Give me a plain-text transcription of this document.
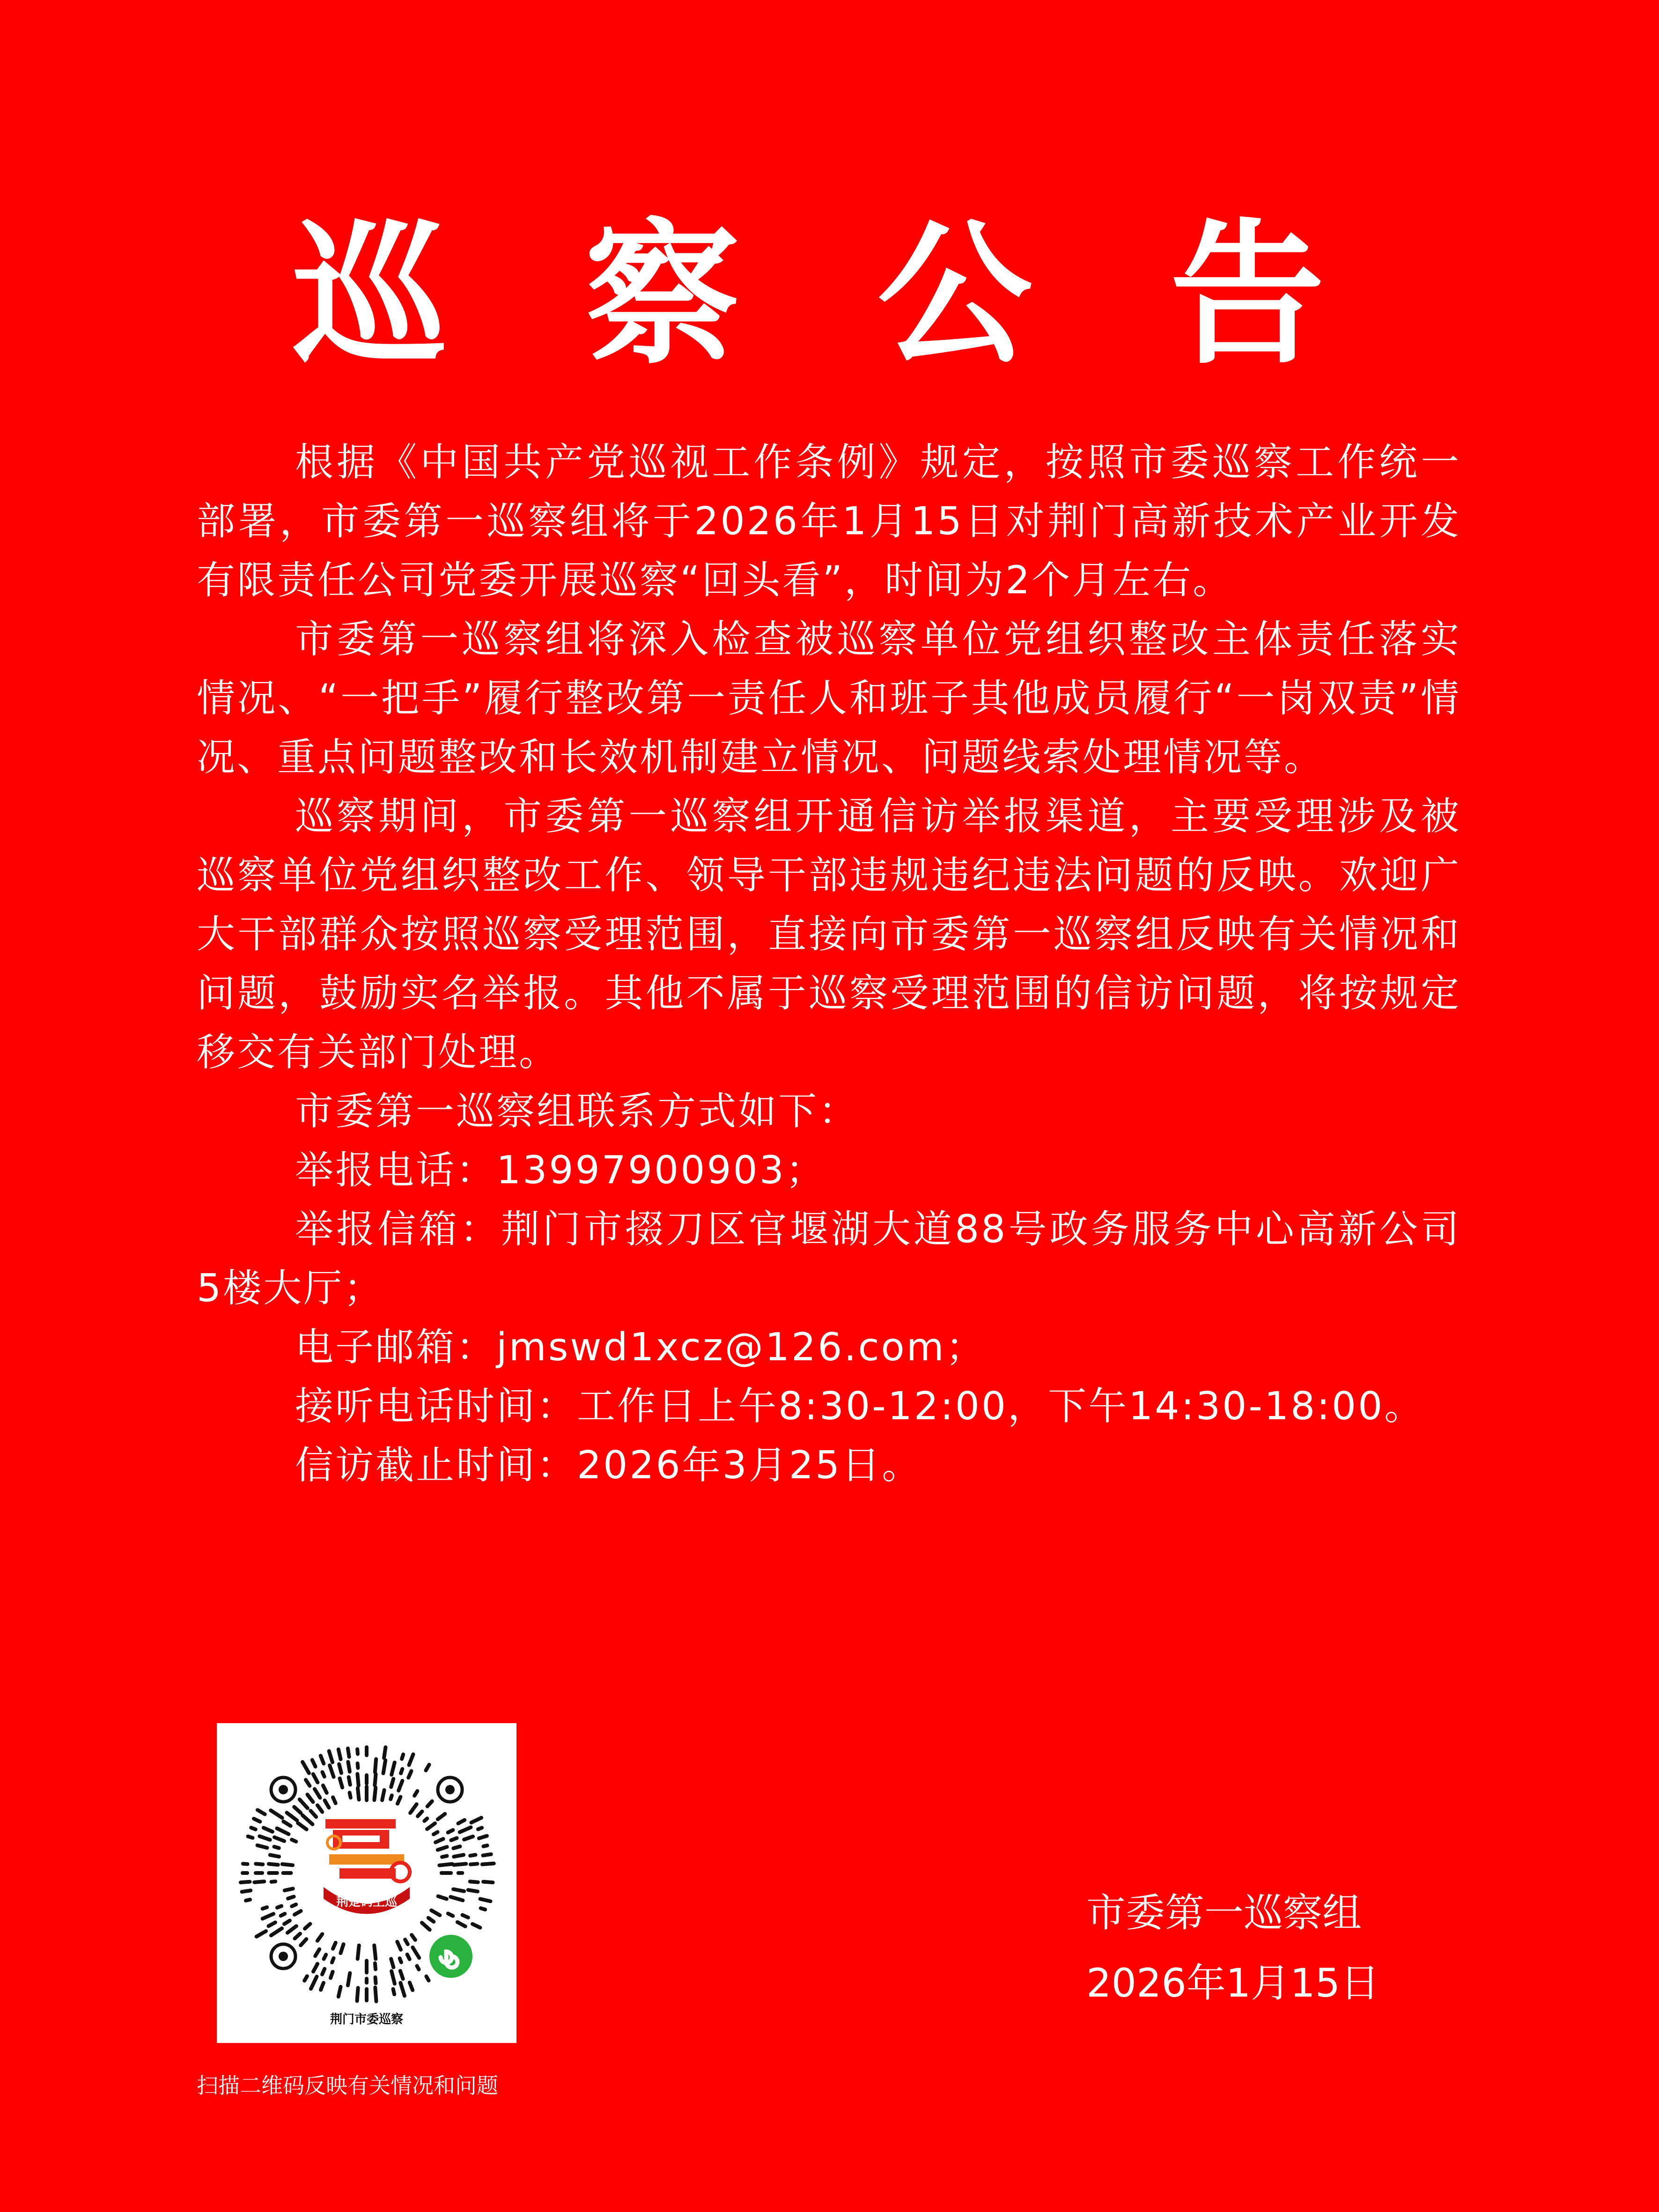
巡 察 公 告

根据《中国共产党巡视工作条例》规定，按照市委巡察工作统一部署，市委第一巡察组将于2026年1月15日对荆门高新技术产业开发有限责任公司党委开展巡察“回头看”，时间为2个月左右。

市委第一巡察组将深入检查被巡察单位党组织整改主体责任落实情况、“一把手”履行整改第一责任人和班子其他成员履行“一岗双责”情况、重点问题整改和长效机制建立情况、问题线索处理情况等。

巡察期间，市委第一巡察组开通信访举报渠道，主要受理涉及被巡察单位党组织整改工作、领导干部违规违纪违法问题的反映。欢迎广大干部群众按照巡察受理范围，直接向市委第一巡察组反映有关情况和问题，鼓励实名举报。其他不属于巡察受理范围的信访问题，将按规定移交有关部门处理。

市委第一巡察组联系方式如下：

举报电话：13997900903；

举报信箱：荆门市掇刀区官堰湖大道88号政务服务中心高新公司5楼大厅；

电子邮箱：jmswd1xcz@126.com；

接听电话时间：工作日上午8:30-12:00，下午14:30-18:00。

信访截止时间：2026年3月25日。

荆楚码上巡
荆门市委巡察
扫描二维码反映有关情况和问题
市委第一巡察组
2026年1月15日
